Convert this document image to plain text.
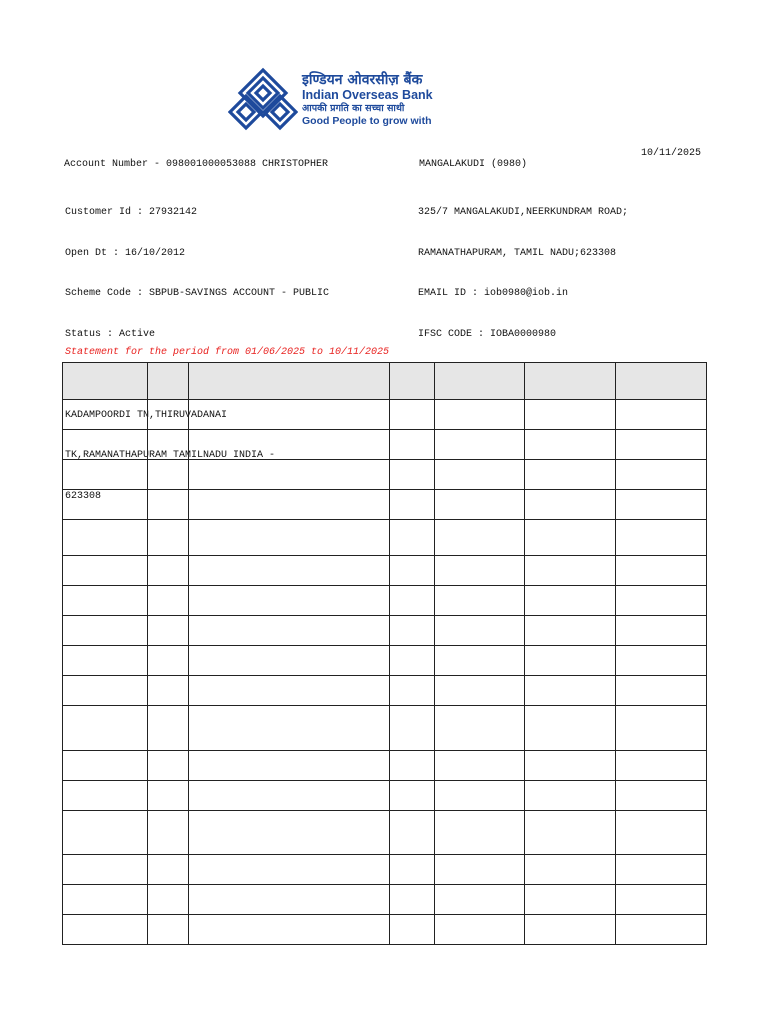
इण्डियन ओवरसीज़ बैंक
Indian Overseas Bank
आपकी प्रगति का सच्चा साथी
Good People to grow with
10/11/2025
Account Number - 098001000053088 CHRISTOPHER	MANGALAKUDI (0980)

Customer Id : 27932142

Open Dt : 16/10/2012

Scheme Code : SBPUB-SAVINGS ACCOUNT - PUBLIC

Status : Active

KADAMPOORDI TN,THIRUVADANAI

TK,RAMANATHAPURAM TAMILNADU INDIA -

623308

325/7 MANGALAKUDI,NEERKUNDRAM ROAD;

RAMANATHAPURAM, TAMIL NADU;623308

EMAIL ID : iob0980@iob.in

IFSC CODE : IOBA0000980

Statement for the period from 01/06/2025 to 10/11/2025
